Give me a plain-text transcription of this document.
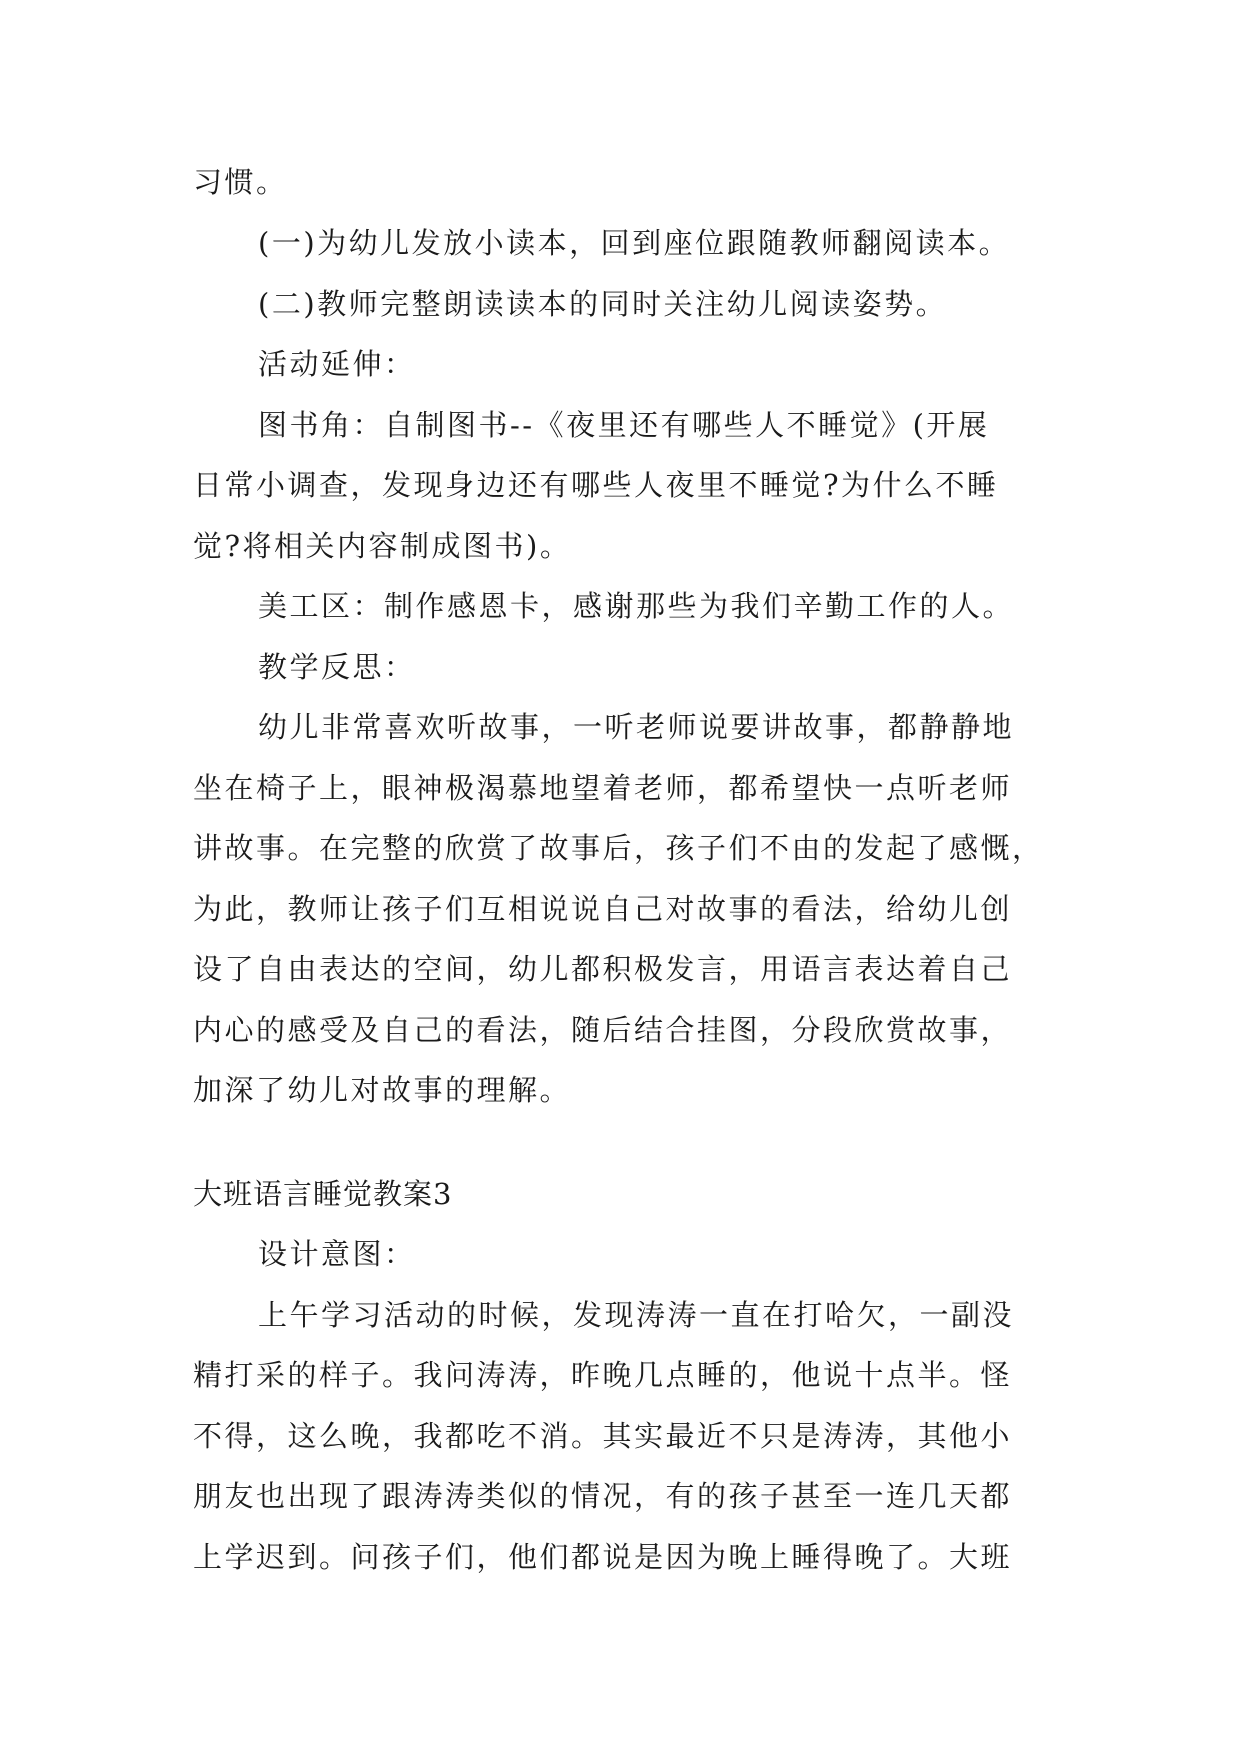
习惯。
(一)为幼儿发放小读本，回到座位跟随教师翻阅读本。
(二)教师完整朗读读本的同时关注幼儿阅读姿势。
活动延伸：
图书角：自制图书--《夜里还有哪些人不睡觉》(开展
日常小调查，发现身边还有哪些人夜里不睡觉?为什么不睡
觉?将相关内容制成图书)。
美工区：制作感恩卡，感谢那些为我们辛勤工作的人。
教学反思：
幼儿非常喜欢听故事，一听老师说要讲故事，都静静地
坐在椅子上，眼神极渴慕地望着老师，都希望快一点听老师
讲故事。在完整的欣赏了故事后，孩子们不由的发起了感慨，
为此，教师让孩子们互相说说自己对故事的看法，给幼儿创
设了自由表达的空间，幼儿都积极发言，用语言表达着自己
内心的感受及自己的看法，随后结合挂图，分段欣赏故事，
加深了幼儿对故事的理解。
大班语言睡觉教案3
设计意图：
上午学习活动的时候，发现涛涛一直在打哈欠，一副没
精打采的样子。我问涛涛，昨晚几点睡的，他说十点半。怪
不得，这么晚，我都吃不消。其实最近不只是涛涛，其他小
朋友也出现了跟涛涛类似的情况，有的孩子甚至一连几天都
上学迟到。问孩子们，他们都说是因为晚上睡得晚了。大班
